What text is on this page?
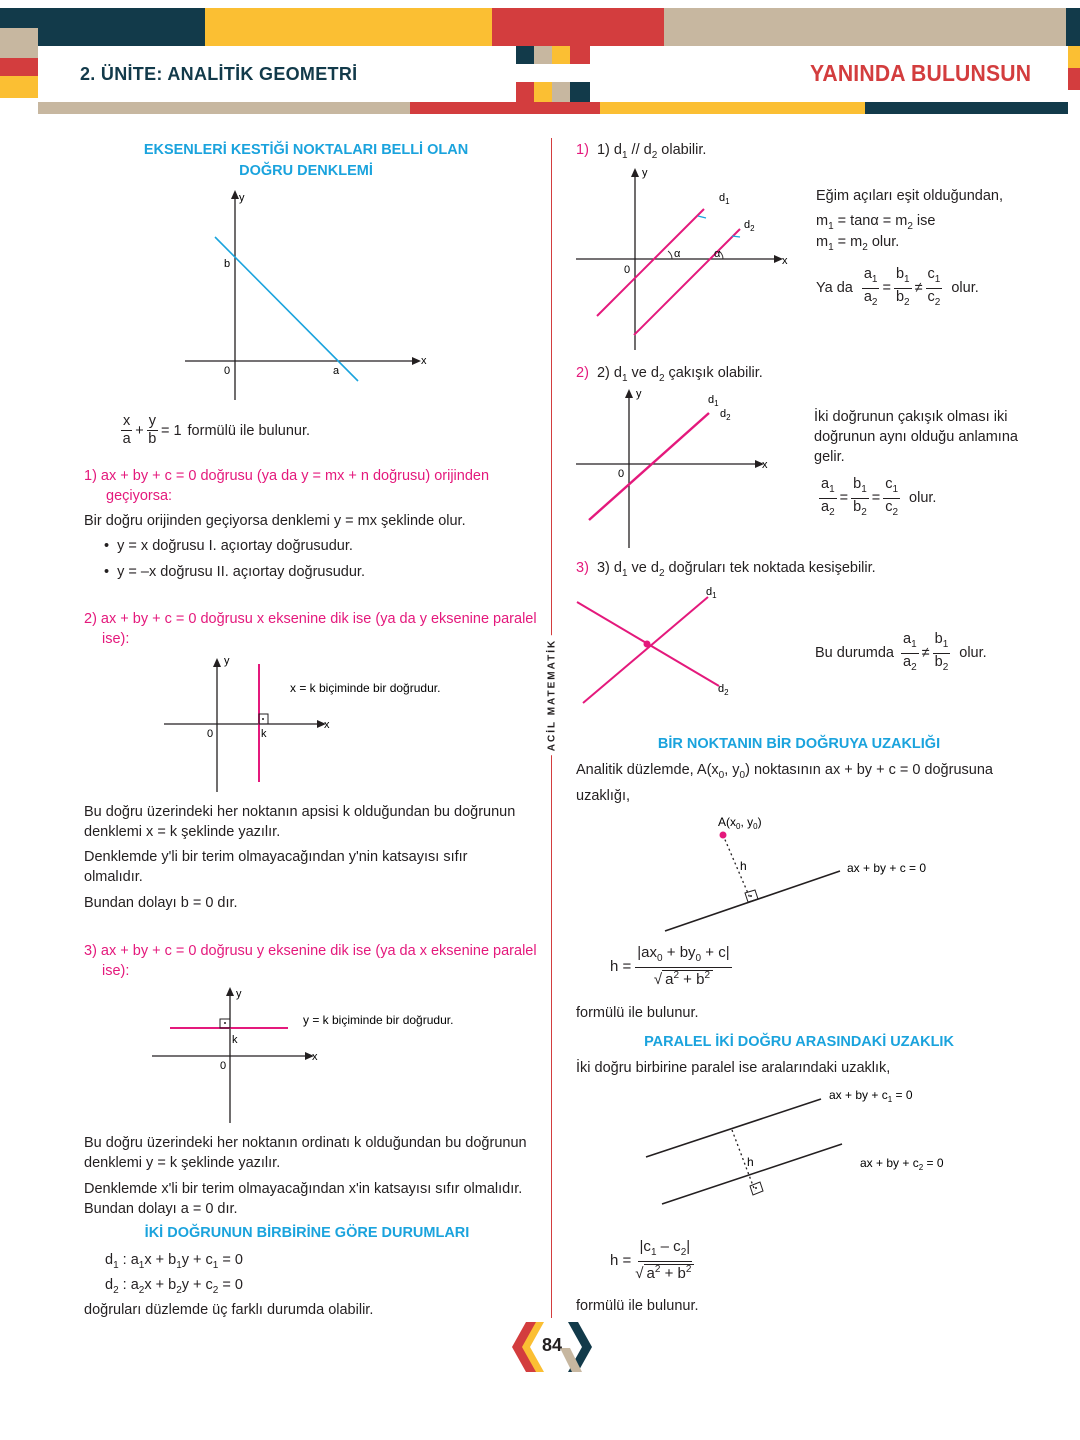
2. ÜNİTE: ANALİTİK GEOMETRİ	YANINDA BULUNSUN
ACİL MATEMATİK
EKSENLERİ KESTİĞİ NOKTALARI BELLİ OLAN
DOĞRU DENKLEMİ
y
x
b
a
0
$\frac{x}{a} + \frac{y}{b} = 1$ formülü ile bulunur.
1) ax + by + c = 0 doğrusu (ya da y = mx + n doğrusu) orijinden geçiyorsa:
Bir doğru orijinden geçiyorsa denklemi y = mx şeklinde olur.
•  y = x doğrusu I. açıortay doğrusudur.
•  y = –x doğrusu II. açıortay doğrusudur.
2) ax + by + c = 0 doğrusu x eksenine dik ise (ya da y eksenine paralel ise):
y
x
0	k
x = k biçiminde bir doğrudur.
Bu doğru üzerindeki her noktanın apsisi k olduğundan bu doğrunun denklemi x = k şeklinde yazılır.
Denklemde y'li bir terim olmayacağından y'nin katsayısı sıfır olmalıdır.
Bundan dolayı b = 0 dır.
3) ax + by + c = 0 doğrusu y eksenine dik ise (ya da x eksenine paralel ise):
y
x
0
k
y = k biçiminde bir doğrudur.
Bu doğru üzerindeki her noktanın ordinatı k olduğundan bu doğrunun denklemi y = k şeklinde yazılır.
Denklemde x'li bir terim olmayacağından x'in katsayısı sıfır olmalıdır. Bundan dolayı a = 0 dır.
İKİ DOĞRUNUN BİRBİRİNE GÖRE DURUMLARI
$d_1$ : $a_1x + b_1y + c_1 = 0$
$d_2$ : $a_2x + b_2y + c_2 = 0$
doğruları düzlemde üç farklı durumda olabilir.
1)  1) $d_1 // d_2$ olabilir.
y
x
0
α	α
$d_1$
$d_2$
Eğim açıları eşit olduğundan,
$m_1 = \tan\alpha = m_2$ ise
$m_1 = m_2$ olur.
Ya da $\frac{a_1}{a_2} = \frac{b_1}{b_2} \ne \frac{c_1}{c_2}$ olur.
2)  2) $d_1$ ve $d_2$ çakışık olabilir.
y
x
0
$d_1$
$d_2$	İki doğrunun çakışık olması iki doğrunun aynı olduğu anlamına gelir.
$\frac{a_1}{a_2} = \frac{b_1}{b_2} = \frac{c_1}{c_2}$ olur.
3)  3) $d_1$ ve $d_2$ doğruları tek noktada kesişebilir.
$d_1$
$d_2$
Bu durumda $\frac{a_1}{a_2} \ne \frac{b_1}{b_2}$ olur.
BİR NOKTANIN BİR DOĞRUYA UZAKLIĞI
Analitik düzlemde, $A(x_0$, $y_0$) noktasının ax + by + c = 0 doğrusuna uzaklığı,
$A(x_0$, $y_0$)
h	ax + by + c = 0
$h = \frac{|ax_0 + by_0 + c|}{√ a^2 + b^2}$
formülü ile bulunur.
PARALEL İKİ DOĞRU ARASINDAKİ UZAKLIK
İki doğru birbirine paralel ise aralarındaki uzaklık,
h
ax + by + $c_1 = 0$
ax + by + $c_2 = 0$
$h = \frac{|c_1 - c_2|}{√ a^2 + b^2}$
formülü ile bulunur.
84
